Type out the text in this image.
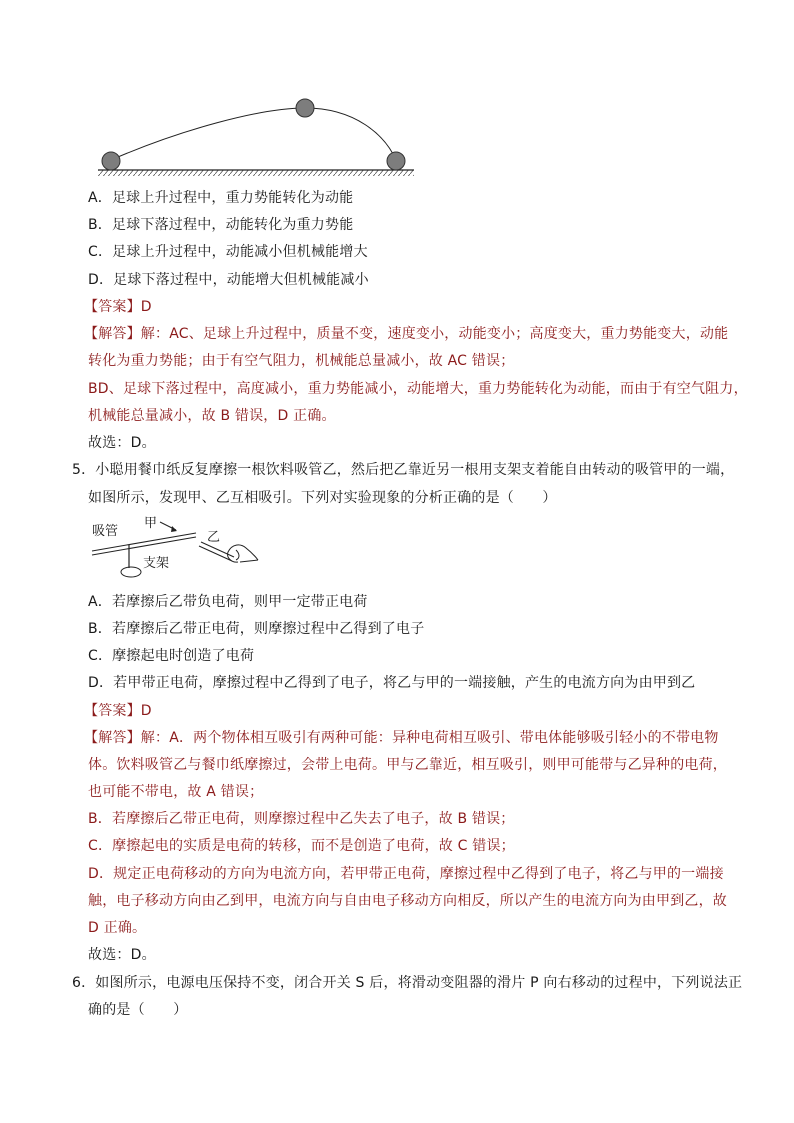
A．足球上升过程中，重力势能转化为动能
B．足球下落过程中，动能转化为重力势能
C．足球上升过程中，动能减小但机械能增大
D．足球下落过程中，动能增大但机械能减小
【答案】D
【解答】解：AC、足球上升过程中，质量不变，速度变小，动能变小；高度变大，重力势能变大，动能
转化为重力势能；由于有空气阻力，机械能总量减小，故 AC 错误；
BD、足球下落过程中，高度减小，重力势能减小，动能增大，重力势能转化为动能，而由于有空气阻力，
机械能总量减小，故 B 错误，D 正确。
故选：D。
5．小聪用餐巾纸反复摩擦一根饮料吸管乙，然后把乙靠近另一根用支架支着能自由转动的吸管甲的一端，
如图所示，发现甲、乙互相吸引。下列对实验现象的分析正确的是（　　）
吸管
甲
支架
乙
A．若摩擦后乙带负电荷，则甲一定带正电荷
B．若摩擦后乙带正电荷，则摩擦过程中乙得到了电子
C．摩擦起电时创造了电荷
D．若甲带正电荷，摩擦过程中乙得到了电子，将乙与甲的一端接触，产生的电流方向为由甲到乙
【答案】D
【解答】解：A．两个物体相互吸引有两种可能：异种电荷相互吸引、带电体能够吸引轻小的不带电物
体。饮料吸管乙与餐巾纸摩擦过，会带上电荷。甲与乙靠近，相互吸引，则甲可能带与乙异种的电荷，
也可能不带电，故 A 错误；
B．若摩擦后乙带正电荷，则摩擦过程中乙失去了电子，故 B 错误；
C．摩擦起电的实质是电荷的转移，而不是创造了电荷，故 C 错误；
D．规定正电荷移动的方向为电流方向，若甲带正电荷，摩擦过程中乙得到了电子，将乙与甲的一端接
触，电子移动方向由乙到甲，电流方向与自由电子移动方向相反，所以产生的电流方向为由甲到乙，故
D 正确。
故选：D。
6．如图所示，电源电压保持不变，闭合开关 S 后，将滑动变阻器的滑片 P 向右移动的过程中，下列说法正
确的是（　　）
